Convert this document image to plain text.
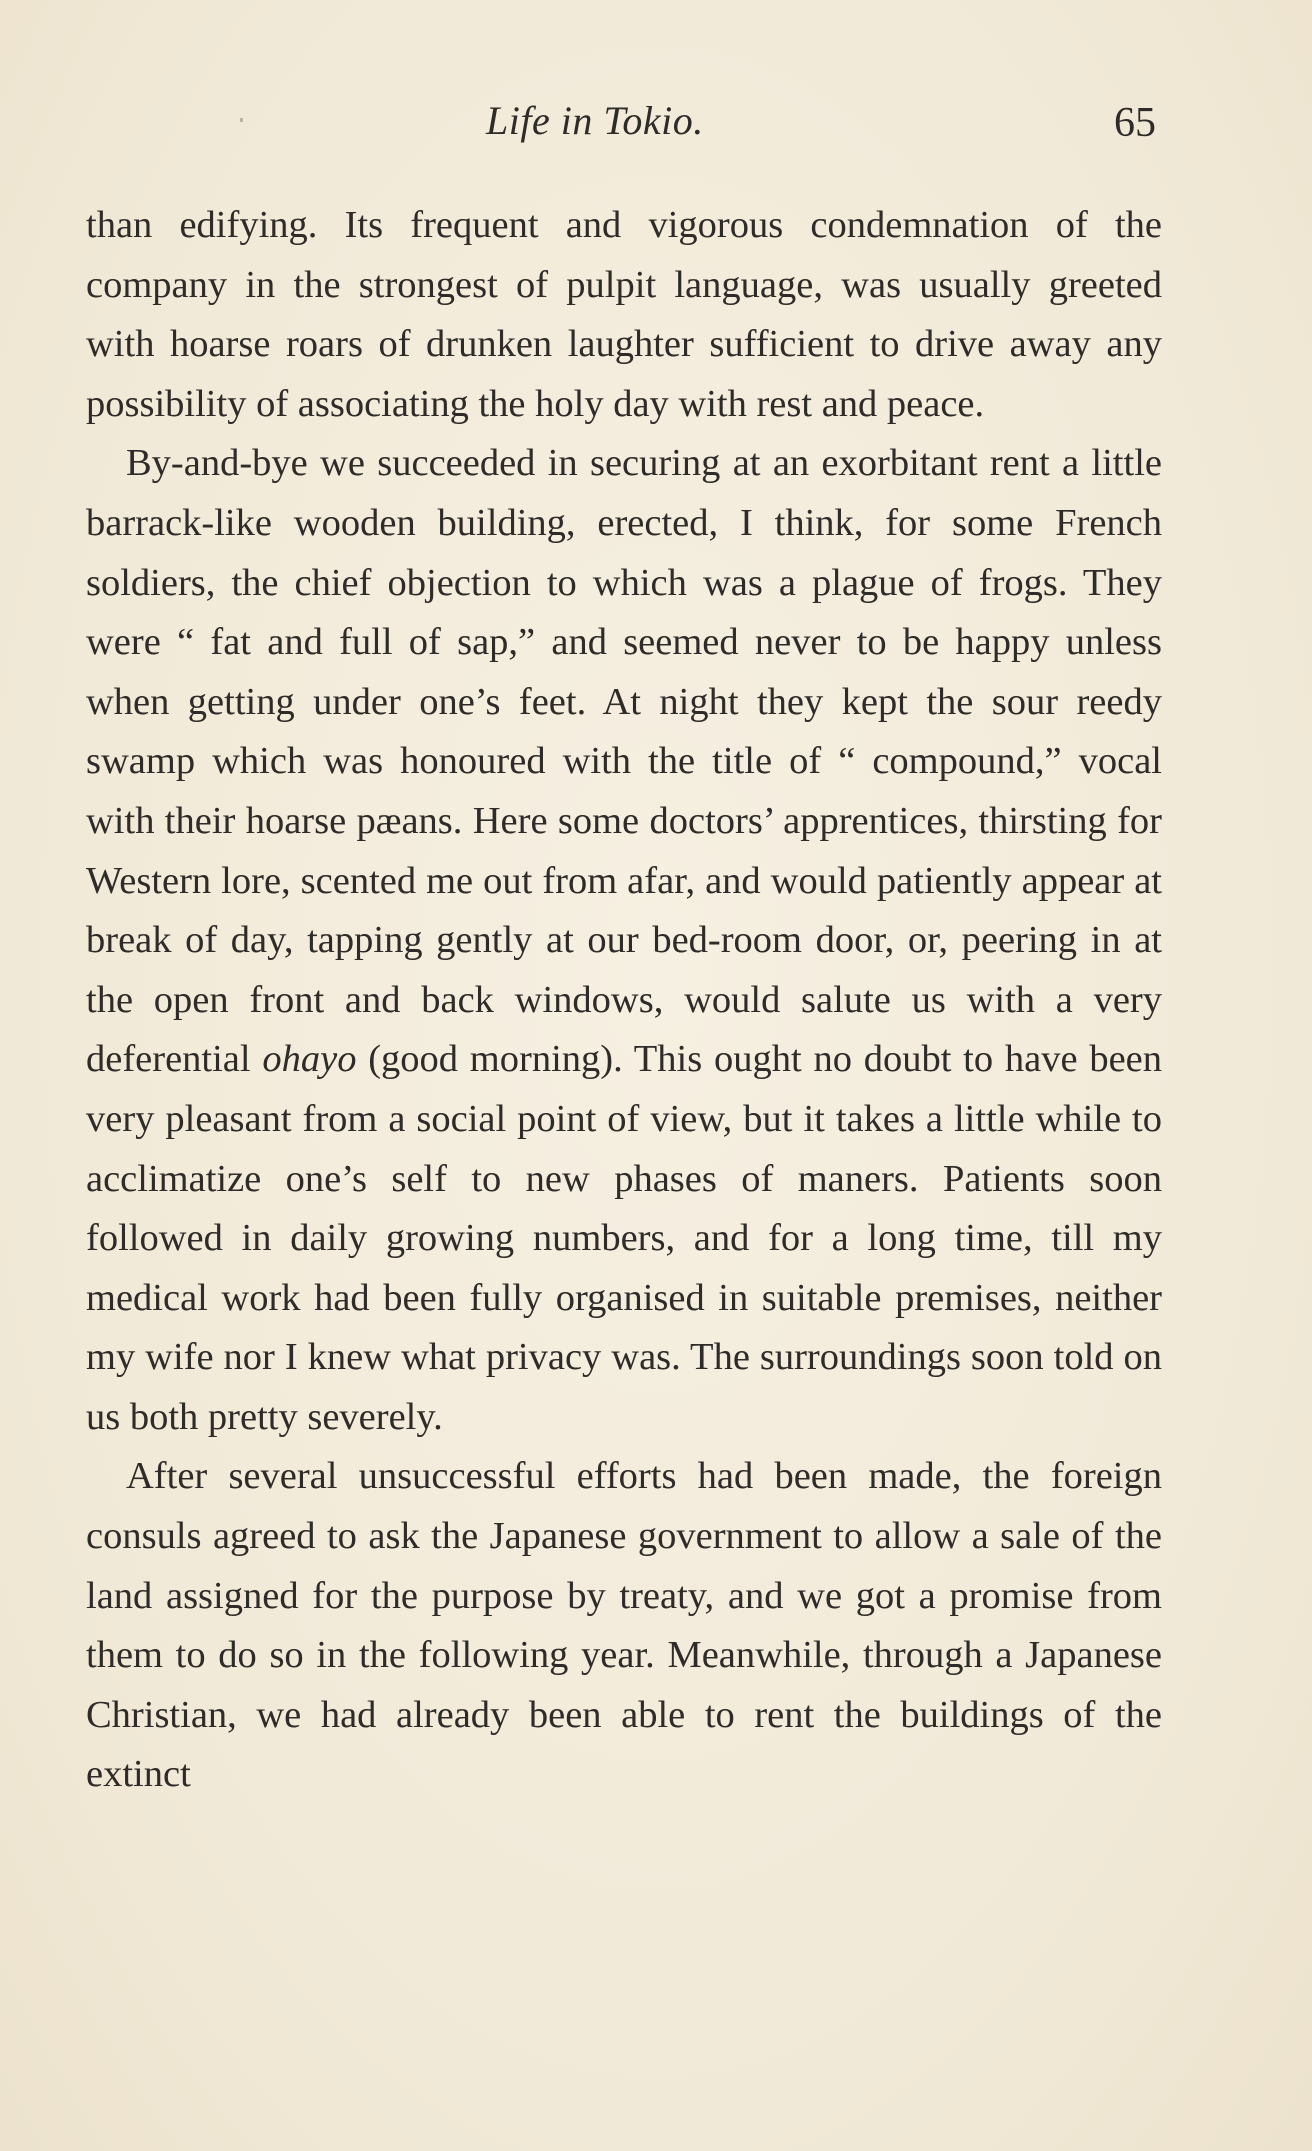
Life in Tokio.	65

than edifying. Its frequent and vigorous condemnation of the company in the strongest of pulpit language, was usually greeted with hoarse roars of drunken laughter sufficient to drive away any possibility of associating the holy day with rest and peace.

By-and-bye we succeeded in securing at an exorbitant rent a little barrack-like wooden building, erected, I think, for some French soldiers, the chief objection to which was a plague of frogs. They were “ fat and full of sap,” and seemed never to be happy unless when getting under one’s feet. At night they kept the sour reedy swamp which was honoured with the title of “ compound,” vocal with their hoarse pæans. Here some doctors’ apprentices, thirsting for Western lore, scented me out from afar, and would patiently appear at break of day, tapping gently at our bed-room door, or, peering in at the open front and back windows, would salute us with a very deferential ohayo (good morning). This ought no doubt to have been very pleasant from a social point of view, but it takes a little while to acclimatize one’s self to new phases of maners. Patients soon followed in daily growing numbers, and for a long time, till my medical work had been fully organised in suitable premises, neither my wife nor I knew what privacy was. The surroundings soon told on us both pretty severely.

After several unsuccessful efforts had been made, the foreign consuls agreed to ask the Japanese government to allow a sale of the land assigned for the purpose by treaty, and we got a promise from them to do so in the following year. Meanwhile, through a Japanese Christian, we had already been able to rent the buildings of the extinct
